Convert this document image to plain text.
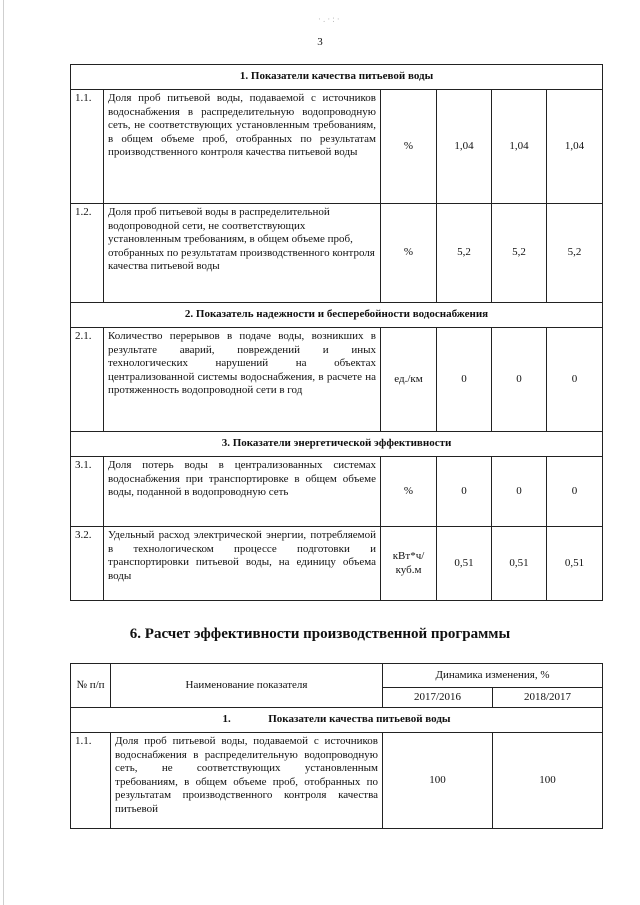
·.·:·
3
1. Показатели качества питьевой воды					
1.1.	Доля проб питьевой воды, подаваемой с источников водоснабжения в распределительную водопроводную сеть, не соответствующих установленным требованиям, в общем объеме проб, отобранных по результатам производственного контроля качества питьевой воды	%	1,04	1,04	1,04
1.2.	Доля проб питьевой воды в распределительной водопроводной сети, не соответствующих установленным требованиям, в общем объеме проб, отобранных по результатам производственного контроля качества питьевой воды	%	5,2	5,2	5,2
2. Показатель надежности и бесперебойности водоснабжения					
2.1.	Количество перерывов в подаче воды, возникших в результате аварий, повреждений и иных технологических нарушений на объектах централизованной системы водоснабжения, в расчете на протяженность водопроводной сети в год	ед./км	0	0	0
3. Показатели энергетической эффективности					
3.1.	Доля потерь воды в централизованных системах водоснабжения при транспортировке в общем объеме воды, поданной в водопроводную сеть	%	0	0	0
3.2.	Удельный расход электрической энергии, потребляемой в технологическом процессе подготовки и транспортировки питьевой воды, на единицу объема воды	кВт*ч/ куб.м	0,51	0,51	0,51
6. Расчет эффективности производственной программы
№ п/п	Наименование показателя	Динамика изменения, %	
		2017/2016	2018/2017
1. Показатели качества питьевой воды			
1.1.	Доля проб питьевой воды, подаваемой с источников водоснабжения в распределительную водопроводную сеть, не соответствующих установленным требованиям, в общем объеме проб, отобранных по результатам производственного контроля качества питьевой	100	100
